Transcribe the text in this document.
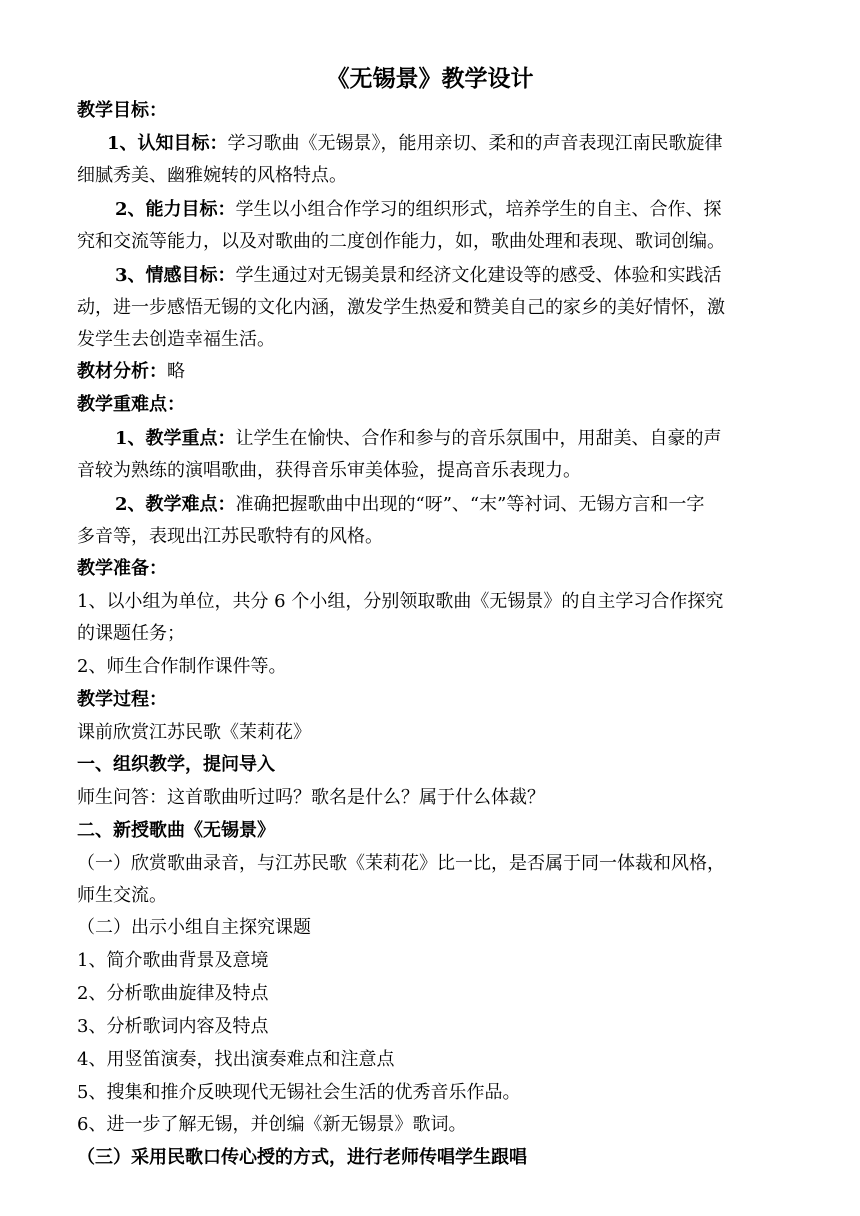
《无锡景》教学设计
教学目标：
1、认知目标：学习歌曲《无锡景》，能用亲切、柔和的声音表现江南民歌旋律
细腻秀美、幽雅婉转的风格特点。
2、能力目标：学生以小组合作学习的组织形式，培养学生的自主、合作、探
究和交流等能力，以及对歌曲的二度创作能力，如，歌曲处理和表现、歌词创编。
3、情感目标：学生通过对无锡美景和经济文化建设等的感受、体验和实践活
动，进一步感悟无锡的文化内涵，激发学生热爱和赞美自己的家乡的美好情怀，激
发学生去创造幸福生活。
教材分析：略
教学重难点：
1、教学重点：让学生在愉快、合作和参与的音乐氛围中，用甜美、自豪的声
音较为熟练的演唱歌曲，获得音乐审美体验，提高音乐表现力。
2、教学难点：准确把握歌曲中出现的“呀”、“末”等衬词、无锡方言和一字
多音等，表现出江苏民歌特有的风格。
教学准备：
1、以小组为单位，共分 6 个小组，分别领取歌曲《无锡景》的自主学习合作探究
的课题任务；
2、师生合作制作课件等。
教学过程：
课前欣赏江苏民歌《茉莉花》
一、组织教学，提问导入
师生问答：这首歌曲听过吗？歌名是什么？属于什么体裁？
二、新授歌曲《无锡景》
（一）欣赏歌曲录音，与江苏民歌《茉莉花》比一比，是否属于同一体裁和风格，
师生交流。
（二）出示小组自主探究课题
1、简介歌曲背景及意境
2、分析歌曲旋律及特点
3、分析歌词内容及特点
4、用竖笛演奏，找出演奏难点和注意点
5、搜集和推介反映现代无锡社会生活的优秀音乐作品。
6、进一步了解无锡，并创编《新无锡景》歌词。
（三）采用民歌口传心授的方式，进行老师传唱学生跟唱
